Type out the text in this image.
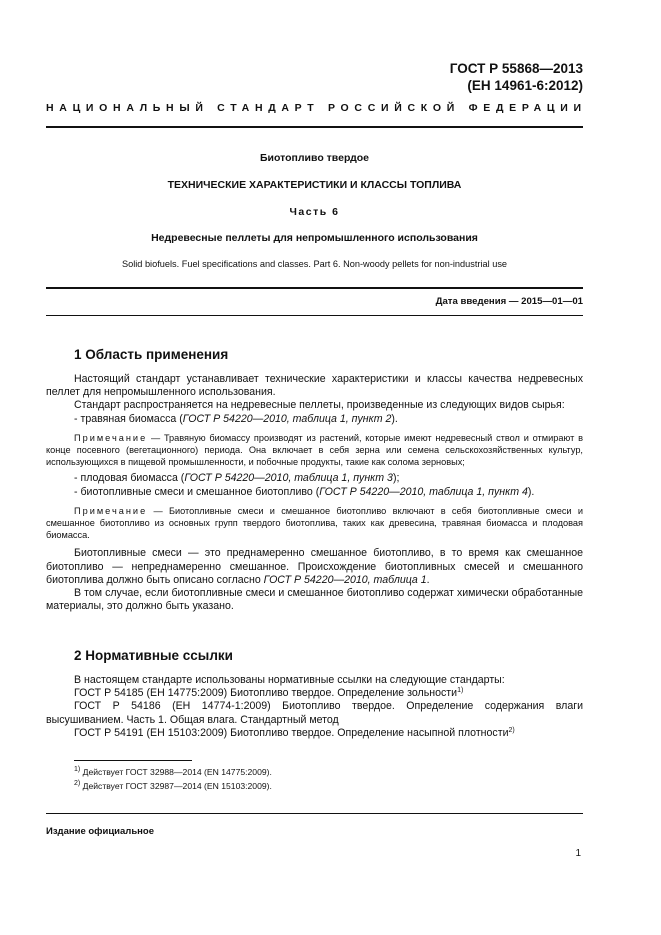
ГОСТ Р 55868—2013
(ЕН 14961-6:2012)
НАЦИОНАЛЬНЫЙ СТАНДАРТ РОССИЙСКОЙ ФЕДЕРАЦИИ
Биотопливо твердое
ТЕХНИЧЕСКИЕ ХАРАКТЕРИСТИКИ И КЛАССЫ ТОПЛИВА
Часть 6
Недревесные пеллеты для непромышленного использования
Solid biofuels. Fuel specifications and classes. Part 6. Non-woody pellets for non-industrial use
Дата введения — 2015—01—01
1 Область применения

Настоящий стандарт устанавливает технические характеристики и классы качества недревесных пеллет для непромышленного использования.

Стандарт распространяется на недревесные пеллеты, произведенные из следующих видов сырья:

- травяная биомасса (ГОСТ Р 54220—2010, таблица 1, пункт 2).

Примечание — Травяную биомассу производят из растений, которые имеют недревесный ствол и отмирают в конце посевного (вегетационного) периода. Она включает в себя зерна или семена сельскохозяйственных культур, использующихся в пищевой промышленности, и побочные продукты, такие как солома зерновых;

- плодовая биомасса (ГОСТ Р 54220—2010, таблица 1, пункт 3);

- биотопливные смеси и смешанное биотопливо (ГОСТ Р 54220—2010, таблица 1, пункт 4).

Примечание — Биотопливные смеси и смешанное биотопливо включают в себя биотопливные смеси и смешанное биотопливо из основных групп твердого биотоплива, таких как древесина, травяная биомасса и плодовая биомасса.

Биотопливные смеси — это преднамеренно смешанное биотопливо, в то время как смешанное биотопливо — непреднамеренно смешанное. Происхождение биотопливных смесей и смешанного биотоплива должно быть описано согласно ГОСТ Р 54220—2010, таблица 1.

В том случае, если биотопливные смеси и смешанное биотопливо содержат химически обработанные материалы, это должно быть указано.

2 Нормативные ссылки

В настоящем стандарте использованы нормативные ссылки на следующие стандарты:

ГОСТ Р 54185 (ЕН 14775:2009) Биотопливо твердое. Определение зольности$^{1)}$

ГОСТ Р 54186 (ЕН 14774-1:2009) Биотопливо твердое. Определение содержания влаги высушиванием. Часть 1. Общая влага. Стандартный метод

ГОСТ Р 54191 (ЕН 15103:2009) Биотопливо твердое. Определение насыпной плотности$^{2)}$

$^{1)}$ Действует ГОСТ 32988—2014 (EN 14775:2009).
$^{2)}$ Действует ГОСТ 32987—2014 (EN 15103:2009).
Издание официальное
1
